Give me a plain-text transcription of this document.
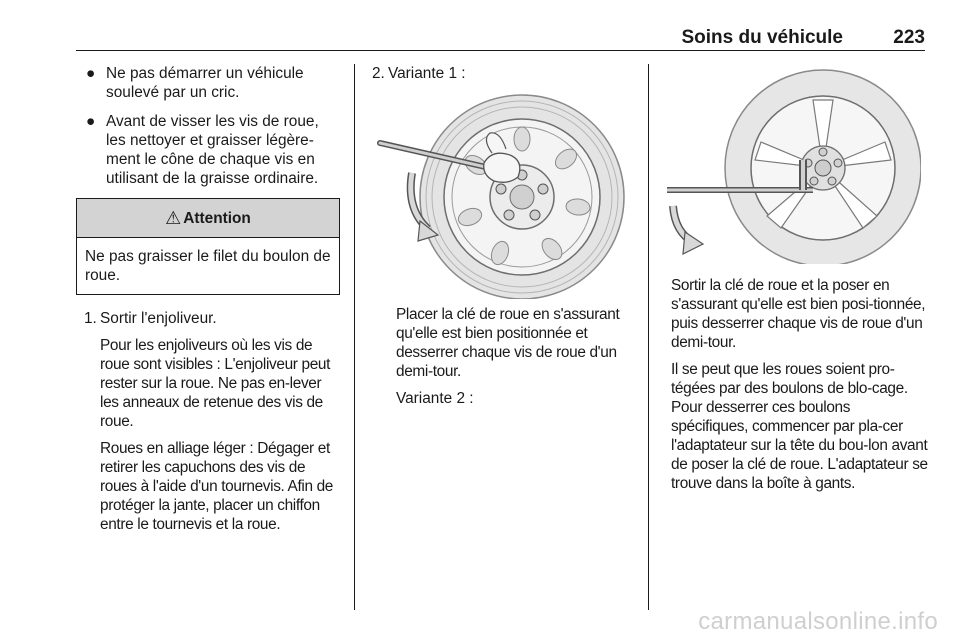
Soins du véhicule	223
● Ne pas démarrer un véhicule soulevé par un cric.
● Avant de visser les vis de roue, les nettoyer et graisser légère-ment le cône de chaque vis en utilisant de la graisse ordinaire.
⚠ Attention
Ne pas graisser le filet du boulon de roue.
1. Sortir l'enjoliveur.
Pour les enjoliveurs où les vis de roue sont visibles : L'enjoliveur peut rester sur la roue. Ne pas en-lever les anneaux de retenue des vis de roue.
Roues en alliage léger : Dégager et retirer les capuchons des vis de roues à l'aide d'un tournevis. Afin de protéger la jante, placer un chiffon entre le tournevis et la roue.
2. Variante 1 :
Placer la clé de roue en s'assurant qu'elle est bien positionnée et desserrer chaque vis de roue d'un demi-tour.
Variante 2 :
Sortir la clé de roue et la poser en s'assurant qu'elle est bien posi-tionnée, puis desserrer chaque vis de roue d'un demi-tour.
Il se peut que les roues soient pro-tégées par des boulons de blo-cage. Pour desserrer ces boulons spécifiques, commencer par pla-cer l'adaptateur sur la tête du bou-lon avant de poser la clé de roue. L'adaptateur se trouve dans la boîte à gants.
carmanualsonline.info
